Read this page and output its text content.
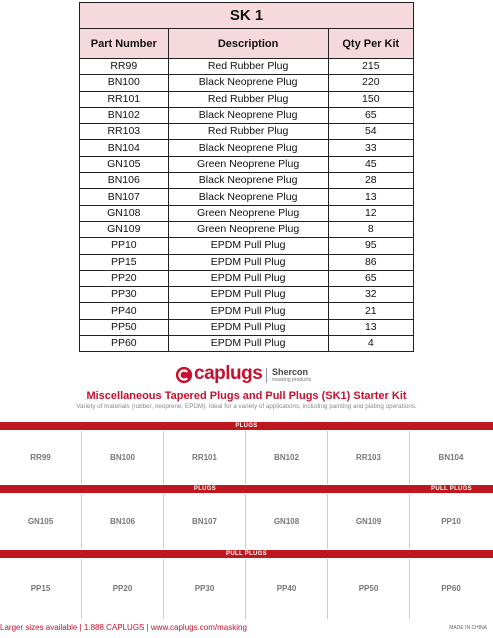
SK 1		
Part Number	Description	Qty Per Kit
RR99	Red Rubber Plug	215
BN100	Black Neoprene Plug	220
RR101	Red Rubber Plug	150
BN102	Black Neoprene Plug	65
RR103	Red Rubber Plug	54
BN104	Black Neoprene Plug	33
GN105	Green Neoprene Plug	45
BN106	Black Neoprene Plug	28
BN107	Black Neoprene Plug	13
GN108	Green Neoprene Plug	12
GN109	Green Neoprene Plug	8
PP10	EPDM Pull Plug	95
PP15	EPDM Pull Plug	86
PP20	EPDM Pull Plug	65
PP30	EPDM Pull Plug	32
PP40	EPDM Pull Plug	21
PP50	EPDM Pull Plug	13
PP60	EPDM Pull Plug	4
caplugs Shercon
masking products
Miscellaneous Tapered Plugs and Pull Plugs (SK1) Starter Kit
Variety of materials (rubber, neoprene, EPDM). Ideal for a variety of applications, including painting and plating operations.
PLUGS
RR99	BN100	RR101	BN102	RR103	BN104
PLUGS	PULL PLUGS
GN105	BN106	BN107	GN108	GN109	PP10
PULL PLUGS
PP15	PP20	PP30	PP40	PP50	PP60
Larger sizes available | 1.888.CAPLUGS | www.caplugs.com/masking	MADE IN CHINA
